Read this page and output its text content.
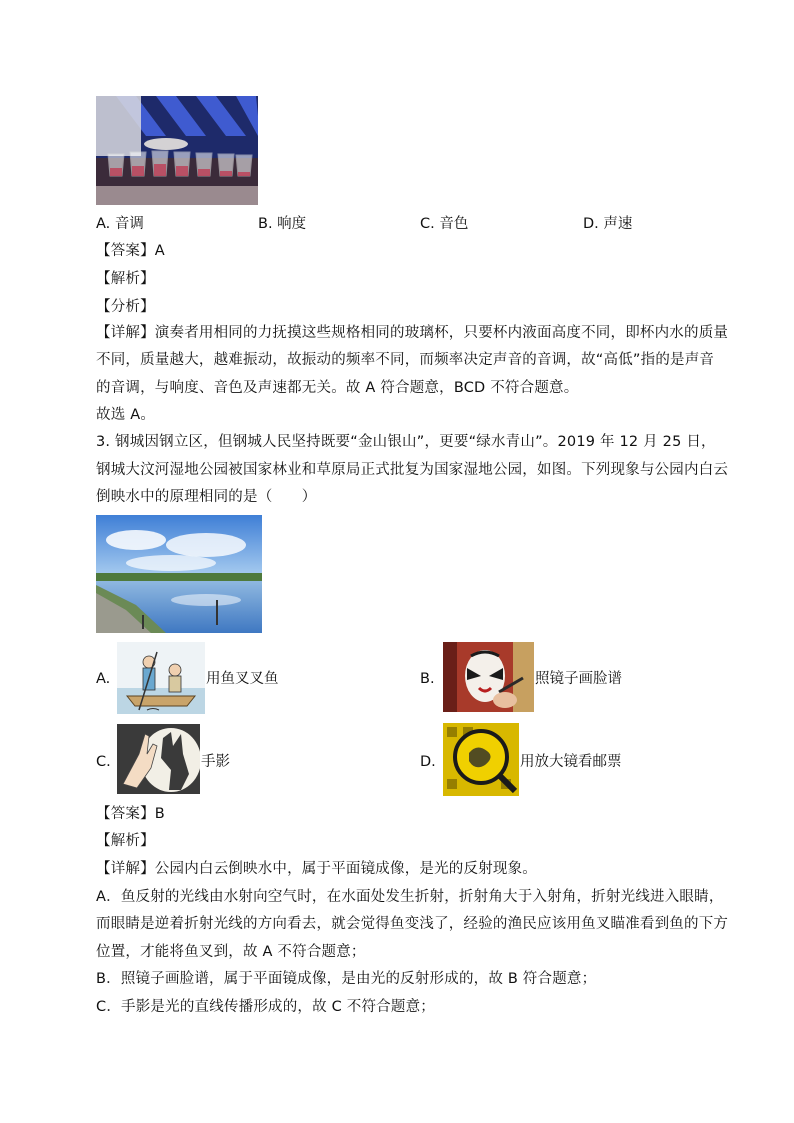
A. 音调	B. 响度	C. 音色	D. 声速
【答案】A
【解析】
【分析】
【详解】演奏者用相同的力抚摸这些规格相同的玻璃杯，只要杯内液面高度不同，即杯内水的质量
不同，质量越大，越难振动，故振动的频率不同，而频率决定声音的音调，故“高低”指的是声音
的音调，与响度、音色及声速都无关。故 A 符合题意，BCD 不符合题意。
故选 A。
3. 钢城因钢立区，但钢城人民坚持既要“金山银山”，更要“绿水青山”。2019 年 12 月 25 日，
钢城大汶河湿地公园被国家林业和草原局正式批复为国家湿地公园，如图。下列现象与公园内白云
倒映水中的原理相同的是（　　）
A.	用鱼叉叉鱼	B.	照镜子画脸谱
C.	手影	D.	用放大镜看邮票
【答案】B
【解析】
【详解】公园内白云倒映水中，属于平面镜成像，是光的反射现象。
A．鱼反射的光线由水射向空气时，在水面处发生折射，折射角大于入射角，折射光线进入眼睛，
而眼睛是逆着折射光线的方向看去，就会觉得鱼变浅了，经验的渔民应该用鱼叉瞄准看到鱼的下方
位置，才能将鱼叉到，故 A 不符合题意；
B．照镜子画脸谱，属于平面镜成像，是由光的反射形成的，故 B 符合题意；
C．手影是光的直线传播形成的，故 C 不符合题意；
